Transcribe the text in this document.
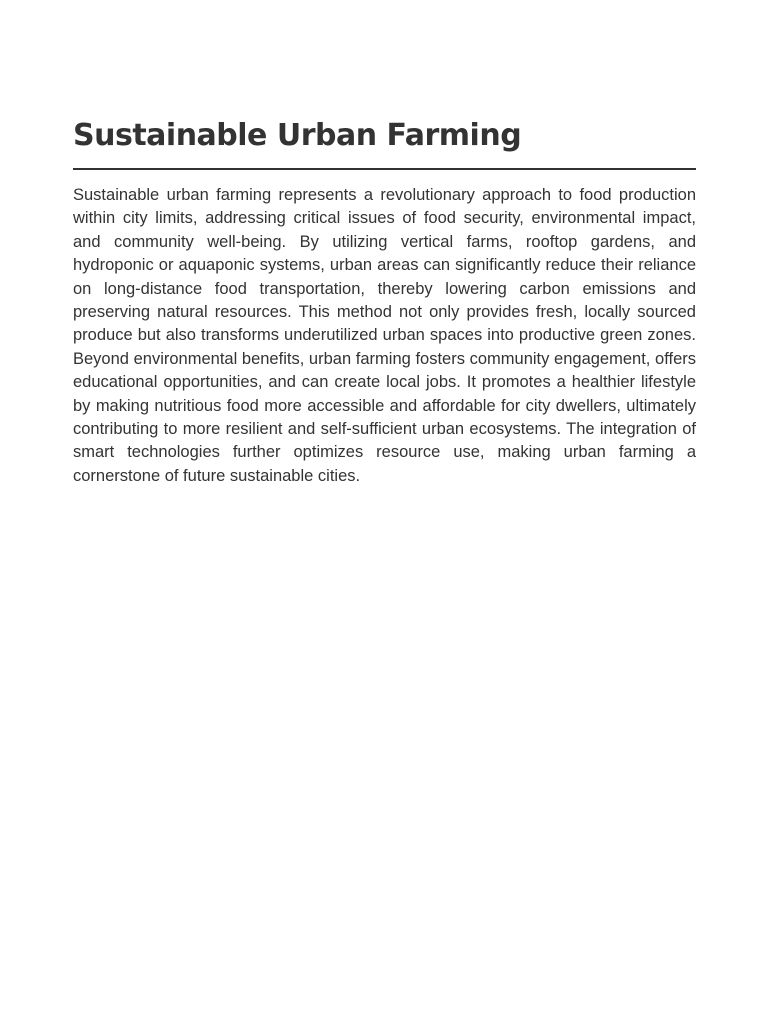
Sustainable Urban Farming

Sustainable urban farming represents a revolutionary approach to food production within city limits, addressing critical issues of food security, environmental impact, and community well-being. By utilizing vertical farms, rooftop gardens, and hydroponic or aquaponic systems, urban areas can significantly reduce their reliance on long-distance food transportation, thereby lowering carbon emissions and preserving natural resources. This method not only provides fresh, locally sourced produce but also transforms underutilized urban spaces into productive green zones. Beyond environmental benefits, urban farming fosters community engagement, offers educational opportunities, and can create local jobs. It promotes a healthier lifestyle by making nutritious food more accessible and affordable for city dwellers, ultimately contributing to more resilient and self-sufficient urban ecosystems. The integration of smart technologies further optimizes resource use, making urban farming a cornerstone of future sustainable cities.
